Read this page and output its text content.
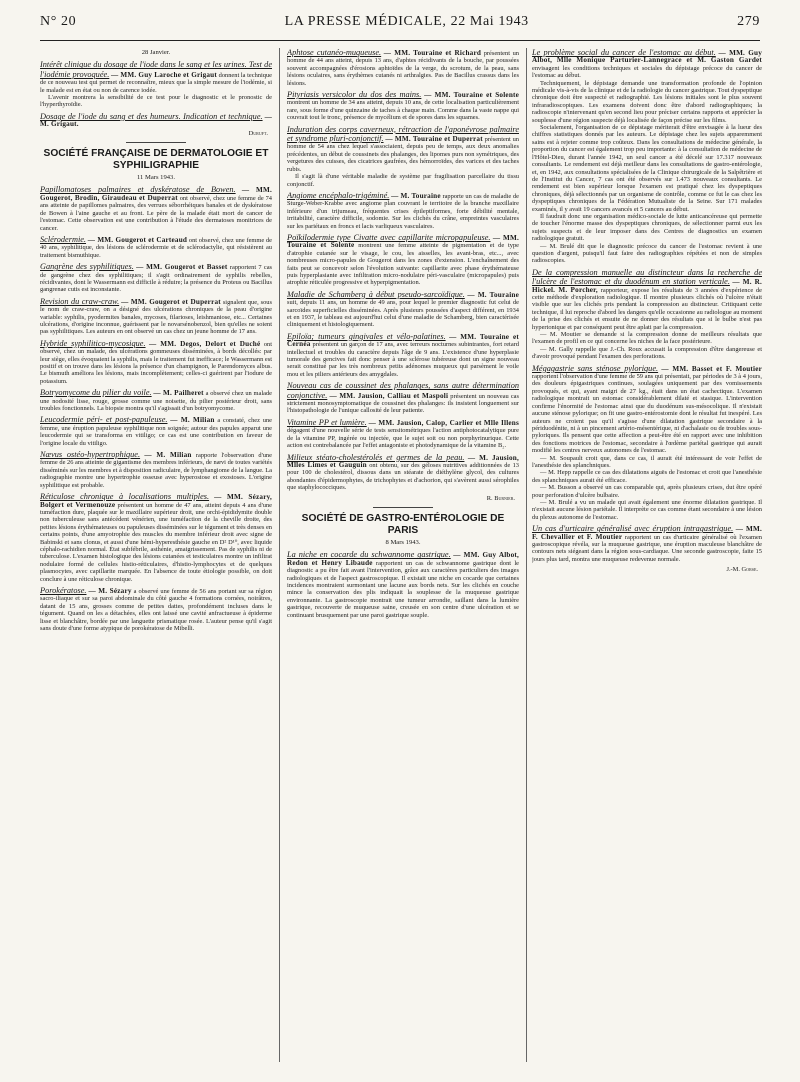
N° 20	LA PRESSE MÉDICALE, 22 Mai 1943	279
28 Janvier.

Intérêt clinique du dosage de l'iode dans le sang et les urines. Test de l'iodémie provoquée. — MM. Guy Laroche et Grigaut donnent la technique de ce nouveau test qui permet de reconnaître, mieux que la simple mesure de l'iodémie, si le malade est en état ou non de carence iodée.

L'avenir montrera la sensibilité de ce test pour le diagnostic et le pronostic de l'hyperthyroïdie.

Dosage de l'iode du sang et des humeurs. Indication et technique. — M. Grigaut.

Duruft.
SOCIÉTÉ FRANÇAISE DE DERMATOLOGIE ET SYPHILIGRAPHIE
11 Mars 1943.

Papillomatoses palmaires et dyskératose de Bowen. — MM. Gougerot, Brodin, Giraudeau et Duperrat ont observé, chez une femme de 74 ans atteinte de papillomes palmaires, des verrues séborrhéiques banales et de dyskératose de Bowen à l'aine gauche et au front. Le père de la malade était mort de cancer de l'estomac. Cette observation est une contribution à l'étude des dermatoses monitrices de cancer.

Sclérodermie. — MM. Gougerot et Carteaud ont observé, chez une femme de 40 ans, syphilitique, des lésions de sclérodermie et de sclérodactylie, qui résistèrent au traitement bismuthique.

Gangrène des syphilitiques. — MM. Gougerot et Basset rapportent 7 cas de gangrène chez des syphilitiques; il s'agit ordinairement de syphilis rebelles, récidivantes, dont le Wassermann est difficile à réduire; la présence du Proteus ou Bacillus gangrenae cutis est inconstante.

Revision du craw-craw. — MM. Gougerot et Duperrat signalent que, sous le nom de craw-craw, on a désigné des ulcérations chroniques de la peau d'origine variable: syphilis, pyodermites banales, mycoses, filarioses, leishmaniose, etc... Certaines ulcérations, d'origine inconnue, guérissent par le novarsénobenzol, bien qu'elles ne soient pas syphilitiques. Les auteurs en ont observé un cas chez un jeune homme de 17 ans.

Hybride syphilitico-mycosique. — MM. Degos, Delort et Duché ont observé, chez un malade, des ulcérations gommeuses disséminées, à bords décollés: par leur siège, elles évoquaient la syphilis, mais le traitement fut inefficace; le Wassermann est positif et on trouve dans les lésions la présence d'un champignon, le Parendomyces albus. Le bismuth améliora les lésions, mais incomplètement; celles-ci guérirent par l'iodure de potassium.

Botryomycome du pilier du voile. — M. Pailheret a observé chez un malade une nodosité lisse, rouge, grosse comme une noisette, du pilier postérieur droit, sans troubles fonctionnels. La biopsie montra qu'il s'agissait d'un botryomycome.

Leucodermie péri- et post-papuleuse. — M. Milian a constaté, chez une femme, une éruption papuleuse syphilitique non soignée; autour des papules apparut une leucodermie qui se transforma en vitiligo; ce cas est une contribution en faveur de l'origine locale du vitiligo.

Nævus ostéo-hypertrophique. — M. Milian rapporte l'observation d'une femme de 26 ans atteinte de gigantisme des membres inférieurs, de nævi de toutes variétés disséminés sur les membres et à disposition radiculaire, de lymphangiome de la langue. La radiographie montre une hypertrophie osseuse avec hyperostose et exostoses. L'origine syphilitique est probable.

Réticulose chronique à localisations multiples. — MM. Sézary, Bolgert et Vermenouze présentent un homme de 47 ans, atteint depuis 4 ans d'une tuméfaction dure, plaquée sur le maxillaire supérieur droit, une orchi-épididymite double non tuberculeuse sans antécédent vénérien, une tuméfaction de la cheville droite, des petites lésions érythémateuses ou papuleuses disséminées sur le tégument et très denses en certains points, d'une amyotrophie des muscles du membre inférieur droit avec signe de Babinski et sans clonus, et aussi d'une hémi-hyperesthésie gauche en D² D¹⁰, avec liquide céphalo-rachidien normal. État subfébrile, asthénie, amaigrissement. Pas de syphilis ni de tuberculose. L'examen histologique des lésions cutanées et testiculaires montre un infiltrat nodulaire formé de cellules histio-réticulaires, d'histio-lymphocytes et de quelques plasmocytes, avec capillarite marquée. En l'absence de toute étiologie possible, on doit conclure à une réticulose chronique.

Porokératose. — M. Sézary a observé une femme de 56 ans portant sur sa région sacro-iliaque et sur sa paroi abdominale du côté gauche 4 formations cornées, noirâtres, datant de 15 ans, grosses comme de petites dattes, profondément incluses dans le tégument. Quand on les a détachées, elles ont laissé une cavité anfractueuse à épiderme lisse et blanchâtre, bordée par une languette prismatique rosée. L'auteur pense qu'il s'agit sans doute d'une forme atypique de porokératose de Mibelli.

Aphtose cutanéo-muqueuse. — MM. Touraine et Richard présentent un homme de 44 ans atteint, depuis 13 ans, d'aphtes récidivants de la bouche, par poussées souvent accompagnées d'érosions aphtoïdes de la verge, du scrotum, de la peau, sans lésions oculaires, sans érythèmes cutanés ni arthralgies. Pas de Bacillus crassus dans les lésions.

Pityriasis versicolor du dos des mains. — MM. Touraine et Solente montrent un homme de 34 ans atteint, depuis 10 ans, de cette localisation particulièrement rare, sous forme d'une quinzaine de taches à chaque main. Comme dans la vaste nappe qui couvrait tout le tronc, présence de mycélium et de spores dans les squames.

Induration des corps caverneux, rétraction de l'aponévrose palmaire et syndrome pluri-conjonctif. — MM. Touraine et Duperrat présentent un homme de 54 ans chez lequel s'associaient, depuis peu de temps, aux deux anomalies précédentes, un début de coussinets des phalanges, des lipomes purs non symétriques, des vergetures des cuisses, des cicatrices gaufrées, des hémorroïdes, des varices et des taches rubis.

Il s'agit là d'une véritable maladie de système par fragilisation parcellaire du tissu conjonctif.

Angiome encéphalo-trigéminé. — M. Touraine rapporte un cas de maladie de Sturge-Weber-Krabbe avec angiome plan couvrant le territoire de la branche maxillaire inférieure d'un trijumeau, fréquentes crises épileptiformes, forte débilité mentale, irritabilité, caractère difficile, sodomie. Sur les clichés du crâne, empreintes vasculaires sur les pariétaux en froncs et lacis varliqueux vasculaires.

Poïkilodermie type Civatte avec capillarite micropapuleuse. — MM. Touraine et Solente montrent une femme atteinte de pigmentation et de type d'atrophie cutanée sur le visage, le cou, les aisselles, les avant-bras, etc..., avec nombreuses micro-papules de Gougerot dans les zones d'extension. L'enchaînement des faits peut se concevoir selon l'évolution suivante: capillarite avec phase érythémateuse puis hyperplasiante avec infiltration micro-nodulaire péri-vasculaire (micropapules) puis atrophie réticulée progressive et hyperpigmentation.

Maladie de Schamberg à début pseudo-sarcoïdique. — M. Touraine suit, depuis 11 ans, un homme de 49 ans, pour lequel le premier diagnostic fut celui de sarcoïdes superficielles disséminées. Après plusieurs poussées d'aspect différent, en 1934 et en 1937, le tableau est aujourd'hui celui d'une maladie de Schamberg, bien caractérisée cliniquement et histologiquement.

Epiloïa; tumeurs gingivales et vélo-palatines. — MM. Touraine et Cernéa présentent un garçon de 17 ans, avec terreurs nocturnes subintrantes, fort retard intellectuel et troubles du caractère depuis l'âge de 9 ans. L'existence d'une hyperplasie tumorale des gencives fait donc penser à une sclérose tubéreuse dont un signe nouveau serait constitué par les très nombreux petits adénomes muqueux qui parsèment le voile mou et les piliers antérieurs des amygdales.

Nouveau cas de coussinet des phalanges, sans autre détermination conjonctive. — MM. Jausion, Calliau et Maspoli présentent un nouveau cas strictement monosymptomatique de coussinet des phalanges: ils insistent longuement sur l'histopathologie de l'unique callosité de leur patiente.

Vitamine PP et lumière. — MM. Jausion, Calop, Carlier et Mlle Illens dégagent d'une nouvelle série de tests sensitométriques l'action antiphotocatalytique pure de la vitamine PP, ingérée ou injectée, que le sujet soit ou non porphyrinurique. Cette action est contrebalancée par l'effet antagoniste et photodynamique de la vitamine B₂.

Milieux stéato-cholestérolés et germes de la peau. — M. Jausion, Mlles Limes et Gauguin ont obtenu, sur des géloses nutritives additionnées de 13 pour 100 de cholestérol, dissous dans un stéarate de diéthylène glycol, des cultures abondantes d'épidermophytes, de trichophytes et d'achorion, qui s'avèrent aussi sérophiles que staphylococciques.

R. Burnier.
SOCIÉTÉ DE GASTRO-ENTÉROLOGIE DE PARIS
8 Mars 1943.

La niche en cocarde du schwannome gastrique. — MM. Guy Albot, Redon et Henry Libaude rapportent un cas de schwannome gastrique dont le diagnostic a pu être fait avant l'intervention, grâce aux caractères particuliers des images radiologiques et de l'aspect gastroscopique. Il existait une niche en cocarde que certaines incidences montraient surmontant une lacune aux bords nets. Sur les clichés en couche mince la conservation des plis indiquait la souplesse de la muqueuse gastrique environnante. La gastroscopie montrait une tumeur arrondie, saillant dans la lumière gastrique, recouverte de muqueuse saine, creusée en son centre d'une ulcération et se continuant brusquement par une paroi gastrique souple.

Le problème social du cancer de l'estomac au début. — MM. Guy Albot, Mlle Monique Parturier-Lannegrace et M. Gaston Gardet envisagent les conditions techniques et sociales du dépistage précoce du cancer de l'estomac au début.

Techniquement, le dépistage demande une transformation profonde de l'opinion médicale vis-à-vis de la clinique et de la radiologie du cancer gastrique. Tout dyspeptique chronique doit être suspecté et radiographié. Les lésions initiales sont le plus souvent infraradioscopiques. Les examens doivent donc être d'abord radiographiques; la radioscopie n'intervenant qu'en second lieu pour préciser certains rapports et apprécier la souplesse d'une région suspecte déjà localisée de façon précise sur les films.

Socialement, l'organisation de ce dépistage mériterait d'être envisagée à la lueur des chiffres statistiques donnés par les auteurs. Le dépistage chez les sujets apparemment sains est à rejeter comme trop coûteux. Dans les consultations de médecine générale, la proportion du cancer est également trop peu importante: à la consultation de médecine de l'Hôtel-Dieu, durant l'année 1942, un seul cancer a été décelé sur 17.317 nouveaux consultants. Le rendement est déjà meilleur dans les consultations de gastro-entérologie, et, en 1942, aux consultations spécialisées de la Clinique chirurgicale de la Salpêtrière et de l'Institut du Cancer, 7 cas ont été observés sur 1.473 nouveaux consultants. Le rendement est bien supérieur lorsque l'examen est pratiqué chez les dyspeptiques chroniques, déjà sélectionnés par un organisme de contrôle, comme ce fut le cas chez les dyspeptiques chroniques de la Fédération Mutualiste de la Seine. Sur 171 malades examinés, il y avait 19 cancers avancés et 5 cancers au début.

Il faudrait donc une organisation médico-sociale de lutte anticancéreuse qui permette de toucher l'énorme masse des dyspeptiques chroniques, de sélectionner parmi eux les sujets suspects et de leur imposer dans des Centres de diagnostics un examen radiologique gratuit.

— M. Brulé dit que le diagnostic précoce du cancer de l'estomac revient à une question d'argent, puisqu'il faut faire des radiographies répétées et non de simples radioscopies.

De la compression manuelle au distincteur dans la recherche de l'ulcère de l'estomac et du duodénum en station verticale. — M. R. Hickel. M. Porcher, rapporteur, expose les résultats de 3 années d'expérience de cette méthode d'exploration radiologique. Il montre plusieurs clichés où l'ulcère n'était visible que sur les clichés pris pendant la compression au distincteur. Critiquant cette technique, il lui reproche d'abord les dangers qu'elle occasionne au radiologue au moment de la prise des clichés et ensuite de ne donner des résultats que si le bulbe n'est pas hypertonique et par conséquent peut être aplati par la compression.

— M. Moutier se demande si la compression donne de meilleurs résultats que l'examen de profil en ce qui concerne les niches de la face postérieure.

— M. Gally rappelle que J.-Ch. Roux accusait la compression d'être dangereuse et d'avoir provoqué pendant l'examen des perforations.

Mégagastrie sans sténose pylorique. — MM. Basset et F. Moutier rapportent l'observation d'une femme de 59 ans qui présentait, par périodes de 3 à 4 jours, des douleurs épigastriques continues, soulagées uniquement par des vomissements provoqués, et qui, ayant maigri de 27 kg., était dans un état cachectique. L'examen radiologique montrait un estomac considérablement dilaté et stasique. L'intervention confirme l'énormité de l'estomac ainsi que du duodénum sus-mésocolique. Il n'existait aucune sténose pylorique; on fit une gastro-entérostomie dont le résultat fut inespéré. Les auteurs ne croient pas qu'il s'agisse d'une dilatation gastrique secondaire à la périduodénite, ni à un pincement artério-mésentérique, ni d'achalasie ou de troubles sous-pyloriques. Ils pensent que cette affection a peut-être été en rapport avec une inhibition des fonctions motrices de l'estomac, secondaire à l'œdème pariétal gastrique qui aurait modifié les centres nerveux autonomes de l'estomac.

— M. Soupault croit que, dans ce cas, il aurait été intéressant de voir l'effet de l'anesthésie des splanchniques.

— M. Hepp rappelle ce cas des dilatations aiguës de l'estomac et croit que l'anesthésie des splanchniques aurait été efficace.

— M. Busson a observé un cas comparable qui, après plusieurs crises, dut être opéré pour perforation d'ulcère bulbaire.

— M. Brulé a vu un malade qui avait également une énorme dilatation gastrique. Il n'existait aucune lésion pariétale. Il interprète ce cas comme étant secondaire à une lésion du plexus autonome de l'estomac.

Un cas d'urticaire généralisé avec éruption intragastrique. — MM. F. Chevallier et F. Moutier rapportent un cas d'urticaire généralisé où l'examen gastroscopique révéla, sur la muqueuse gastrique, une éruption maculeuse blanchâtre de contours nets siégeant dans la région sous-cardiaque. Une seconde gastroscopie, faite 15 jours plus tard, montra une muqueuse redevenue normale.

J.-M. Gorse.
